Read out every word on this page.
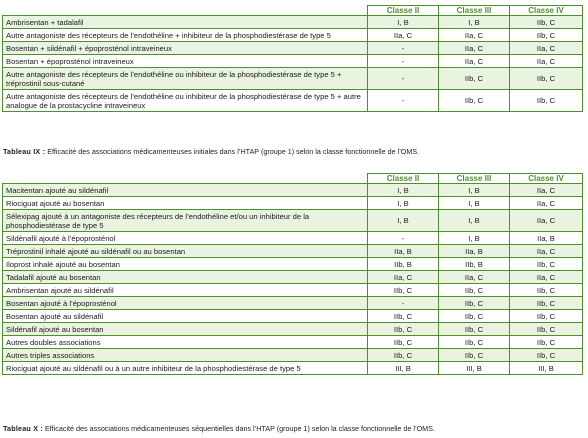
	Classe II	Classe III	Classe IV
Ambrisentan + tadalafil	I, B	I, B	IIb, C
Autre antagoniste des récepteurs de l’endothéline + inhibiteur de la phosphodiestérase de type 5	IIa, C	IIa, C	IIb, C
Bosentan + sildénafil + époprosténol intraveineux	-	IIa, C	IIa, C
Bosentan + époprosténol intraveineux	-	IIa, C	IIa, C
Autre antagoniste des récepteurs de l’endothéline ou inhibiteur de la phosphodiestérase de type 5 + tréprostinil sous-cutané	-	IIb, C	IIb, C
Autre antagoniste des récepteurs de l’endothéline ou inhibiteur de la phosphodiestérase de type 5 + autre analogue de la prostacycline intraveineux	-	IIb, C	IIb, C
Tableau IX : Efficacité des associations médicamenteuses initiales dans l’HTAP (groupe 1) selon la classe fonctionnelle de l’OMS.
	Classe II	Classe III	Classe IV
Macitentan ajouté au sildénafil	I, B	I, B	IIa, C
Riociguat ajouté au bosentan	I, B	I, B	IIa, C
Sélexipag ajouté à un antagoniste des récepteurs de l’endothéline et/ou un inhibiteur de la phosphodiestérase de type 5	I, B	I, B	IIa, C
Sildénafil ajouté à l’époprosténol	-	I, B	IIa, B
Tréprostinil inhalé ajouté au sildénafil ou au bosentan	IIa, B	IIa, B	IIa, C
Iloprost inhalé ajouté au bosentan	IIb, B	IIb, B	IIb, C
Tadalafil ajouté au bosentan	IIa, C	IIa, C	IIa, C
Ambrisentan ajouté au sildénafil	IIb, C	IIb, C	IIb, C
Bosentan ajouté à l’époprosténol	-	IIb, C	IIb, C
Bosentan ajouté au sildénafil	IIb, C	IIb, C	IIb, C
Sildénafil ajouté au bosentan	IIb, C	IIb, C	IIb, C
Autres doubles associations	IIb, C	IIb, C	IIb, C
Autres triples associations	IIb, C	IIb, C	IIb, C
Riociguat ajouté au sildénafil ou à un autre inhibiteur de la phosphodiestérase de type 5	III, B	III, B	III, B
Tableau X : Efficacité des associations médicamenteuses séquentielles dans l’HTAP (groupe 1) selon la classe fonctionnelle de l’OMS.
